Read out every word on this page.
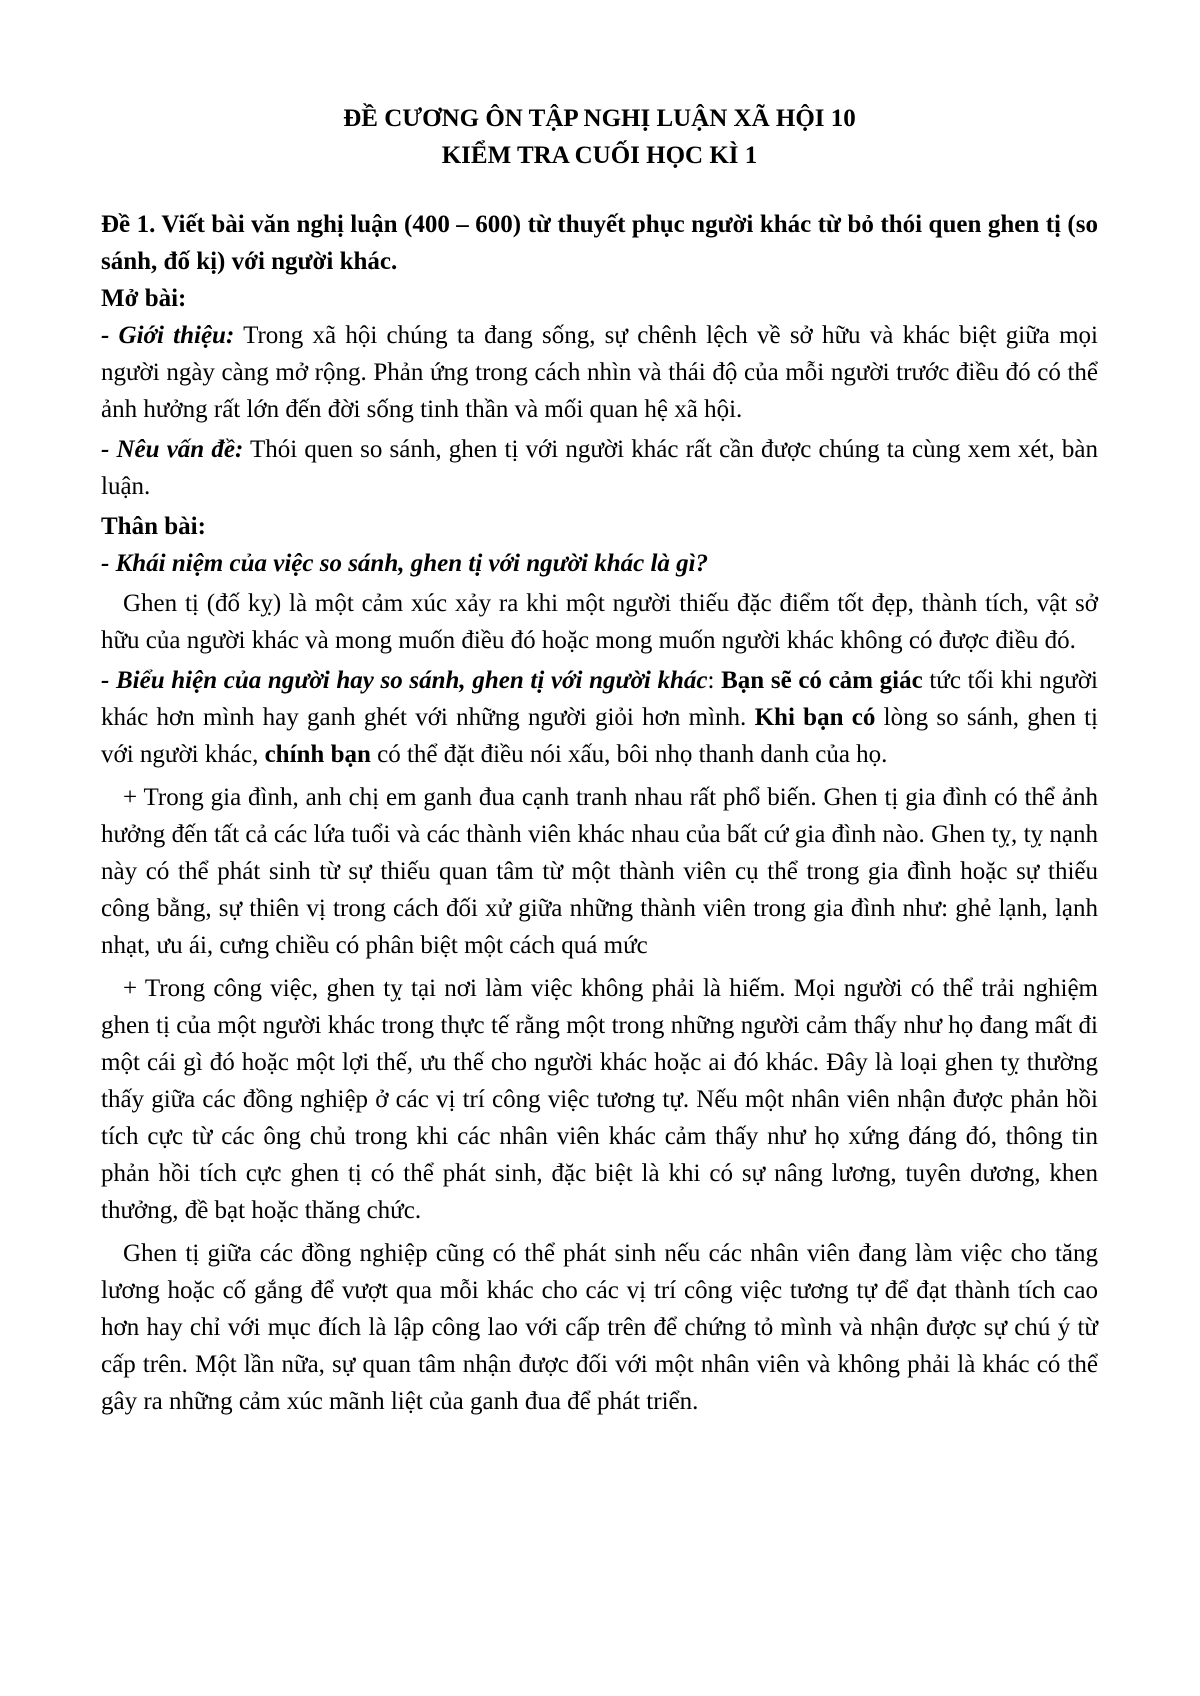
ĐỀ CƯƠNG ÔN TẬP NGHỊ LUẬN XÃ HỘI 10

KIỂM TRA CUỐI HỌC KÌ 1

Đề 1. Viết bài văn nghị luận (400 – 600) từ thuyết phục người khác từ bỏ thói quen ghen tị (so sánh, đố kị) với người khác.

Mở bài:

- Giới thiệu: Trong xã hội chúng ta đang sống, sự chênh lệch về sở hữu và khác biệt giữa mọi người ngày càng mở rộng. Phản ứng trong cách nhìn và thái độ của mỗi người trước điều đó có thể ảnh hưởng rất lớn đến đời sống tinh thần và mối quan hệ xã hội.

- Nêu vấn đề: Thói quen so sánh, ghen tị với người khác rất cần được chúng ta cùng xem xét, bàn luận.

Thân bài:

- Khái niệm của việc so sánh, ghen tị với người khác là gì?

Ghen tị (đố kỵ) là một cảm xúc xảy ra khi một người thiếu đặc điểm tốt đẹp, thành tích, vật sở hữu của người khác và mong muốn điều đó hoặc mong muốn người khác không có được điều đó.

- Biểu hiện của người hay so sánh, ghen tị với người khác: Bạn sẽ có cảm giác tức tối khi người khác hơn mình hay ganh ghét với những người giỏi hơn mình. Khi bạn có lòng so sánh, ghen tị với người khác, chính bạn có thể đặt điều nói xấu, bôi nhọ thanh danh của họ.

+ Trong gia đình, anh chị em ganh đua cạnh tranh nhau rất phổ biến. Ghen tị gia đình có thể ảnh hưởng đến tất cả các lứa tuổi và các thành viên khác nhau của bất cứ gia đình nào. Ghen tỵ, tỵ nạnh này có thể phát sinh từ sự thiếu quan tâm từ một thành viên cụ thể trong gia đình hoặc sự thiếu công bằng, sự thiên vị trong cách đối xử giữa những thành viên trong gia đình như: ghẻ lạnh, lạnh nhạt, ưu ái, cưng chiều có phân biệt một cách quá mức

+ Trong công việc, ghen tỵ tại nơi làm việc không phải là hiếm. Mọi người có thể trải nghiệm ghen tị của một người khác trong thực tế rằng một trong những người cảm thấy như họ đang mất đi một cái gì đó hoặc một lợi thế, ưu thế cho người khác hoặc ai đó khác. Đây là loại ghen tỵ thường thấy giữa các đồng nghiệp ở các vị trí công việc tương tự. Nếu một nhân viên nhận được phản hồi tích cực từ các ông chủ trong khi các nhân viên khác cảm thấy như họ xứng đáng đó, thông tin phản hồi tích cực ghen tị có thể phát sinh, đặc biệt là khi có sự nâng lương, tuyên dương, khen thưởng, đề bạt hoặc thăng chức.

Ghen tị giữa các đồng nghiệp cũng có thể phát sinh nếu các nhân viên đang làm việc cho tăng lương hoặc cố gắng để vượt qua mỗi khác cho các vị trí công việc tương tự để đạt thành tích cao hơn hay chỉ với mục đích là lập công lao với cấp trên để chứng tỏ mình và nhận được sự chú ý từ cấp trên. Một lần nữa, sự quan tâm nhận được đối với một nhân viên và không phải là khác có thể gây ra những cảm xúc mãnh liệt của ganh đua để phát triển.
